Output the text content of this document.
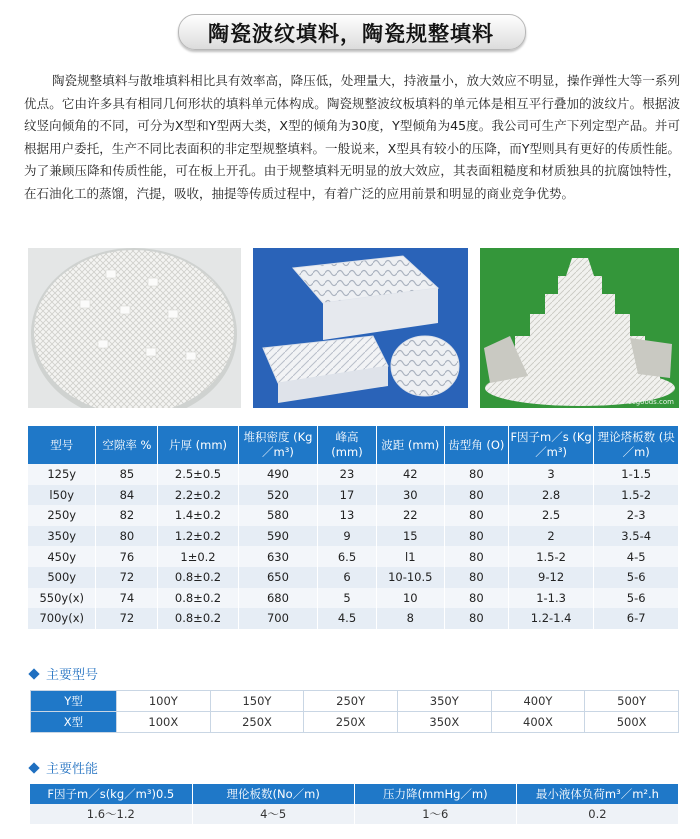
陶瓷波纹填料，陶瓷规整填料
陶瓷规整填料与散堆填料相比具有效率高，降压低，处理量大，持液量小，放大效应不明显，操作弹性大等一系列优点。它由许多具有相同几何形状的填料单元体构成。陶瓷规整波纹板填料的单元体是相互平行叠加的波纹片。根据波纹竖向倾角的不同，可分为X型和Y型两大类，X型的倾角为30度，Y型倾角为45度。我公司可生产下列定型产品。并可根据用户委托，生产不同比表面积的非定型规整填料。一般说来，X型具有较小的压降，而Y型则具有更好的传质性能。为了兼顾压降和传质性能，可在板上开孔。由于规整填料无明显的放大效应，其表面粗糙度和材质独具的抗腐蚀特性，在石油化工的蒸馏，汽提，吸收，抽提等传质过程中，有着广泛的应用前景和明显的商业竞争优势。
ecgoods.com
型号	空隙率 %	片厚 (mm)	堆积密度 (Kg／m³)	峰高 (mm)	波距 (mm)	齿型角 (O)	F因子m／s (Kg／m³)	理论塔板数 (块／m)
125y	85	2.5±0.5	490	23	42	80	3	1-1.5
l50y	84	2.2±0.2	520	17	30	80	2.8	1.5-2
250y	82	1.4±0.2	580	13	22	80	2.5	2-3
350y	80	1.2±0.2	590	9	15	80	2	3.5-4
450y	76	1±0.2	630	6.5	l1	80	1.5-2	4-5
500y	72	0.8±0.2	650	6	10-10.5	80	9-12	5-6
550y(x)	74	0.8±0.2	680	5	10	80	1-1.3	5-6
700y(x)	72	0.8±0.2	700	4.5	8	80	1.2-1.4	6-7
主要型号
Y型	100Y	150Y	250Y	350Y	400Y	500Y
X型	100X	250X	250X	350X	400X	500X
主要性能
F因子m／s(kg／m³)0.5	理伦板数(No／m)	压力降(mmHg／m)	最小液体负荷m³／m².h
1.6～1.2	4～5	1～6	0.2
